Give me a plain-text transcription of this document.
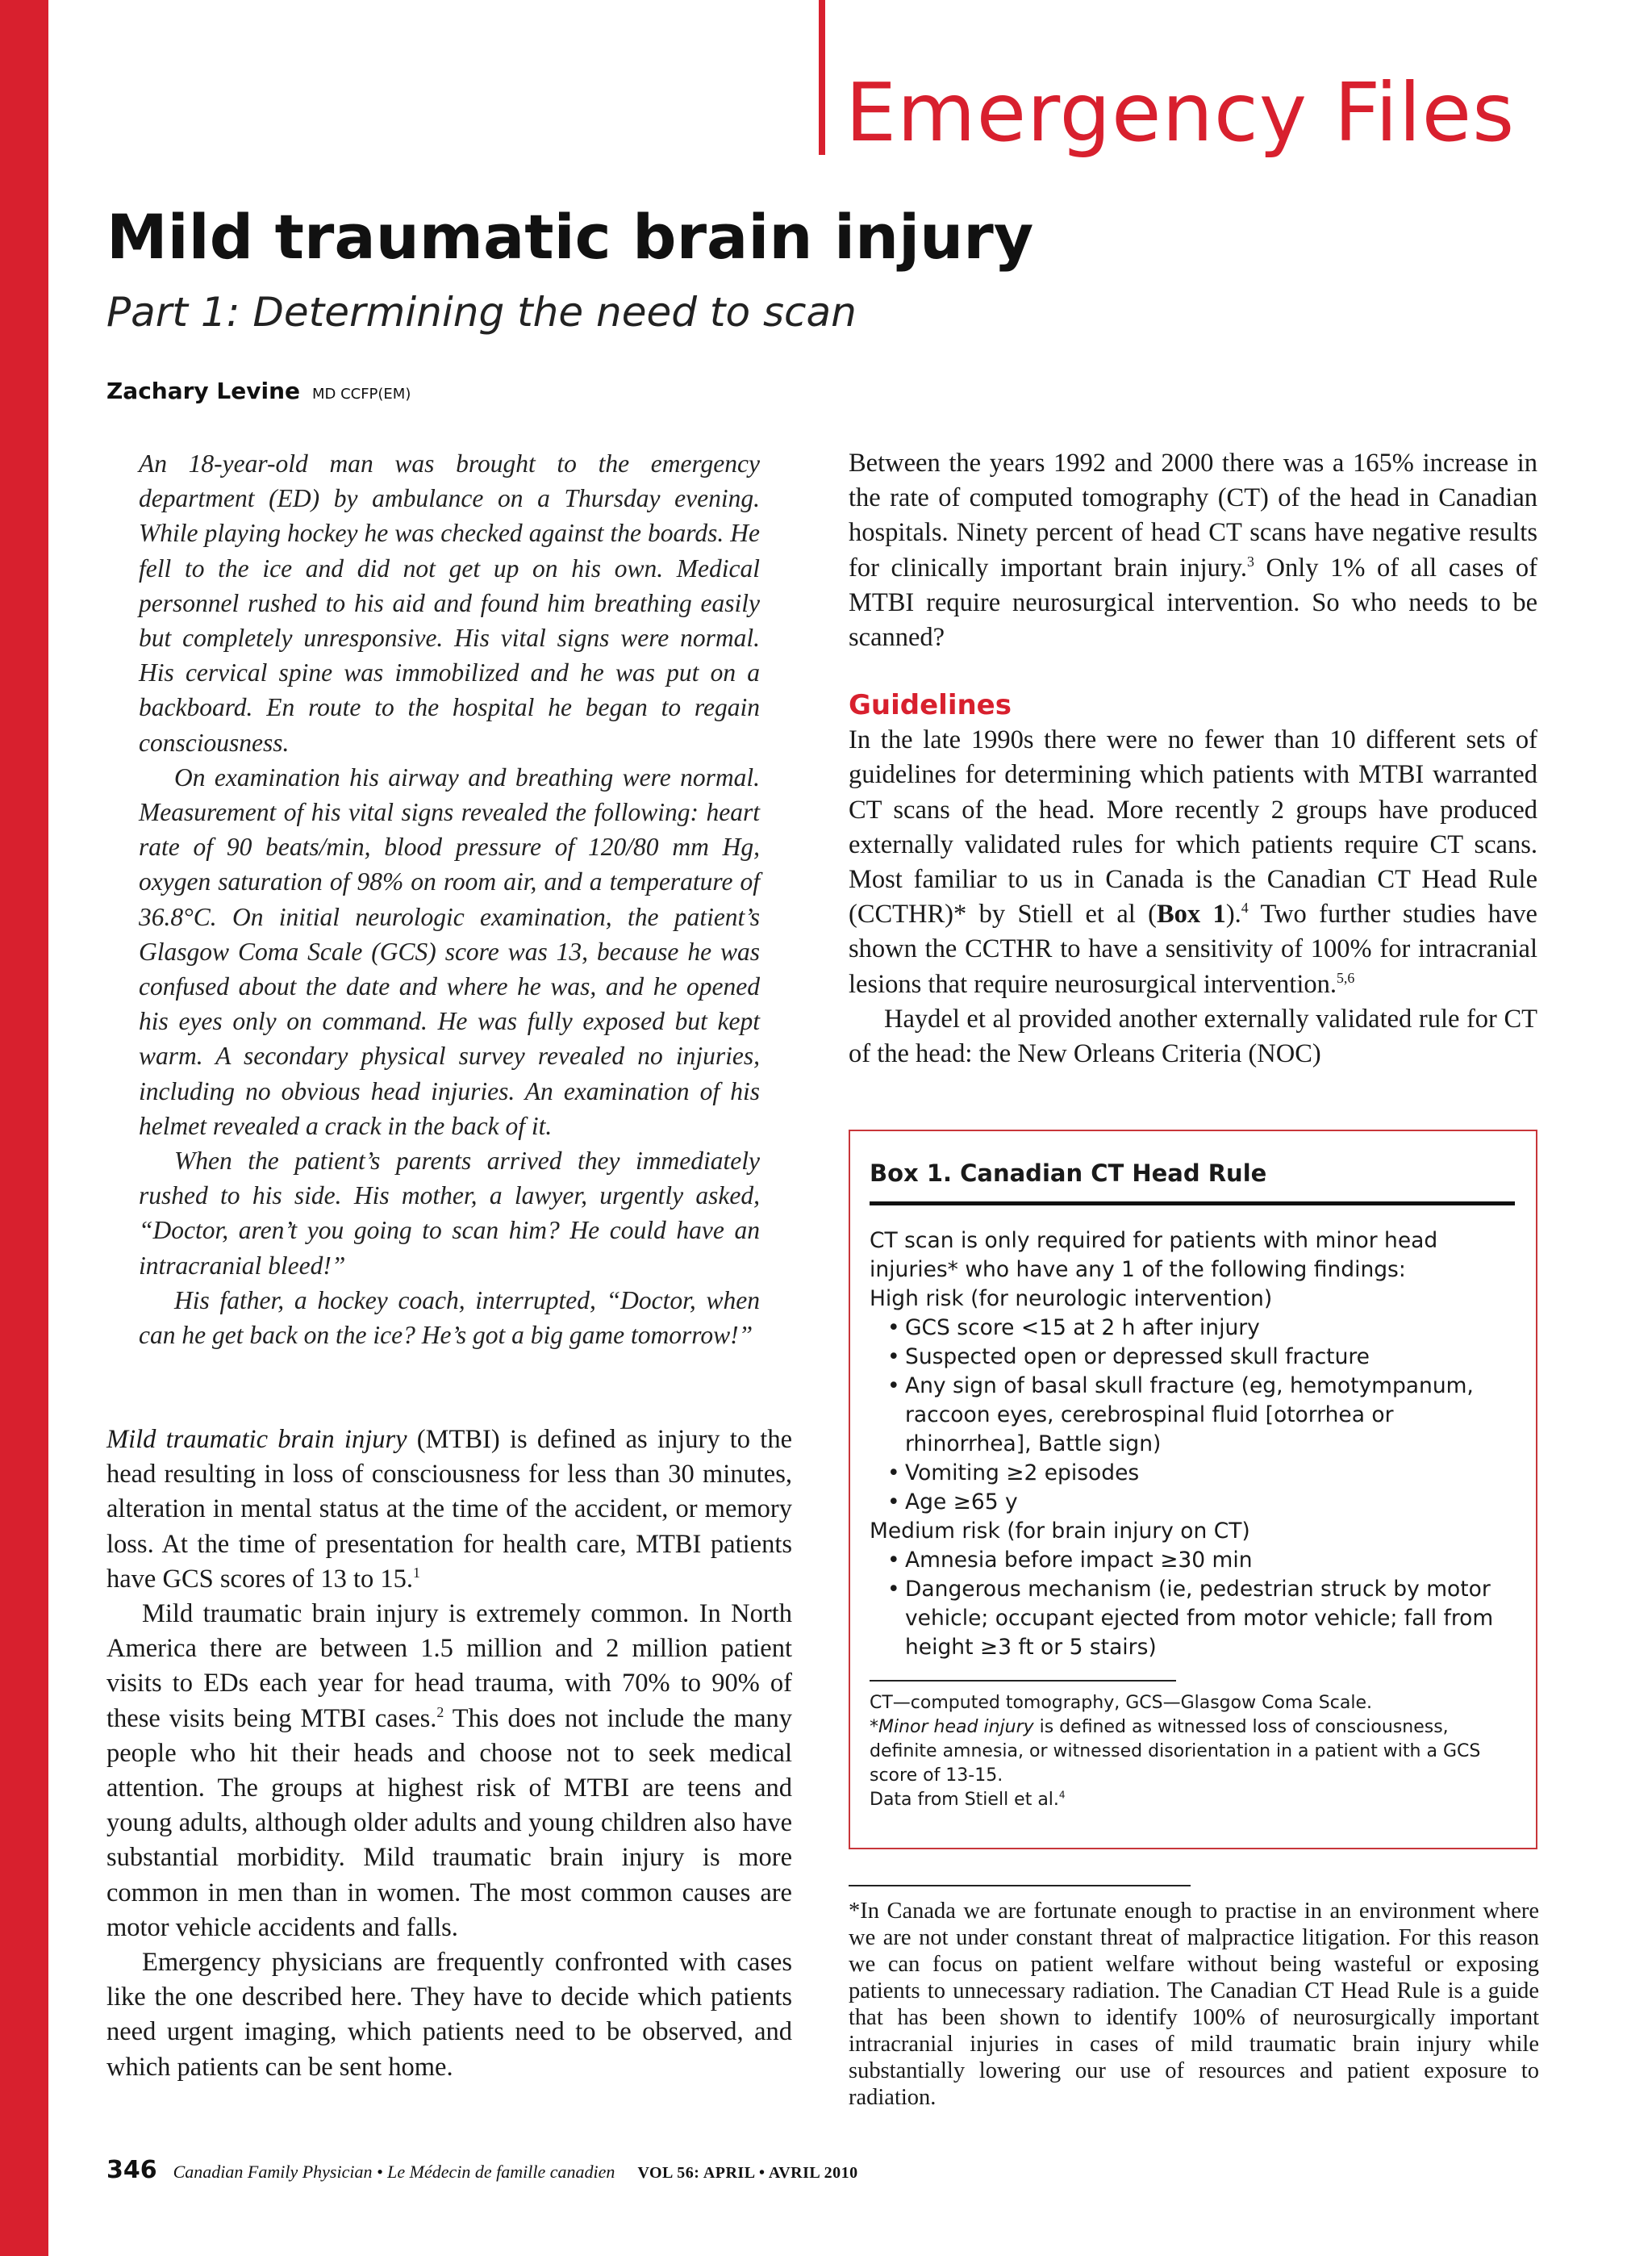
Emergency Files
Mild traumatic brain injury
Part 1: Determining the need to scan
Zachary Levine MD CCFP(EM)

An 18-year-old man was brought to the emergency department (ED) by ambulance on a Thursday evening. While playing hockey he was checked against the boards. He fell to the ice and did not get up on his own. Medical personnel rushed to his aid and found him breathing easily but completely unresponsive. His vital signs were normal. His cervical spine was immobilized and he was put on a backboard. En route to the hospital he began to regain consciousness.

On examination his airway and breathing were normal. Measurement of his vital signs revealed the following: heart rate of 90 beats/min, blood pressure of 120/80 mm Hg, oxygen saturation of 98% on room air, and a temperature of 36.8°C. On initial neurologic examination, the patient’s Glasgow Coma Scale (GCS) score was 13, because he was confused about the date and where he was, and he opened his eyes only on command. He was fully exposed but kept warm. A secondary physical survey revealed no injuries, including no obvious head injuries. An examination of his helmet revealed a crack in the back of it.

When the patient’s parents arrived they immediately rushed to his side. His mother, a lawyer, urgently asked, “Doctor, aren’t you going to scan him? He could have an intracranial bleed!”

His father, a hockey coach, interrupted, “Doctor, when can he get back on the ice? He’s got a big game tomorrow!”

Mild traumatic brain injury (MTBI) is defined as injury to the head resulting in loss of consciousness for less than 30 minutes, alteration in mental status at the time of the accident, or memory loss. At the time of presentation for health care, MTBI patients have GCS scores of 13 to 15.$^1$

Mild traumatic brain injury is extremely common. In North America there are between 1.5 million and 2 million patient visits to EDs each year for head trauma, with 70% to 90% of these visits being MTBI cases.$^2$ This does not include the many people who hit their heads and choose not to seek medical attention. The groups at highest risk of MTBI are teens and young adults, although older adults and young children also have substantial morbidity. Mild traumatic brain injury is more common in men than in women. The most common causes are motor vehicle accidents and falls.

Emergency physicians are frequently confronted with cases like the one described here. They have to decide which patients need urgent imaging, which patients need to be observed, and which patients can be sent home.

Between the years 1992 and 2000 there was a 165% increase in the rate of computed tomography (CT) of the head in Canadian hospitals. Ninety percent of head CT scans have negative results for clinically important brain injury.$^3$ Only 1% of all cases of MTBI require neurosurgical intervention. So who needs to be scanned?

Guidelines

In the late 1990s there were no fewer than 10 different sets of guidelines for determining which patients with MTBI warranted CT scans of the head. More recently 2 groups have produced externally validated rules for which patients require CT scans. Most familiar to us in Canada is the Canadian CT Head Rule (CCTHR)* by Stiell et al (Box 1).$^4$ Two further studies have shown the CCTHR to have a sensitivity of 100% for intracranial lesions that require neurosurgical intervention.$^{5,6}$

Haydel et al provided another externally validated rule for CT of the head: the New Orleans Criteria (NOC)

Box 1. Canadian CT Head Rule

CT scan is only required for patients with minor head injuries* who have any 1 of the following findings:

High risk (for neurologic intervention)

• GCS score <15 at 2 h after injury
• Suspected open or depressed skull fracture
• Any sign of basal skull fracture (eg, hemotympanum, raccoon eyes, cerebrospinal fluid [otorrhea or rhinorrhea], Battle sign)
• Vomiting ≥2 episodes
• Age ≥65 y

Medium risk (for brain injury on CT)

• Amnesia before impact ≥30 min
• Dangerous mechanism (ie, pedestrian struck by motor vehicle; occupant ejected from motor vehicle; fall from height ≥3 ft or 5 stairs)

CT—computed tomography, GCS—Glasgow Coma Scale.

*Minor head injury is defined as witnessed loss of consciousness, definite amnesia, or witnessed disorientation in a patient with a GCS score of 13-15.

Data from Stiell et al.$^4$

*In Canada we are fortunate enough to practise in an environment where we are not under constant threat of malpractice litigation. For this reason we can focus on patient welfare without being wasteful or exposing patients to unnecessary radiation. The Canadian CT Head Rule is a guide that has been shown to identify 100% of neurosurgically important intracranial injuries in cases of mild traumatic brain injury while substantially lowering our use of resources and patient exposure to radiation.

346 Canadian Family Physician • Le Médecin de famille canadien VOL 56: APRIL • AVRIL 2010
